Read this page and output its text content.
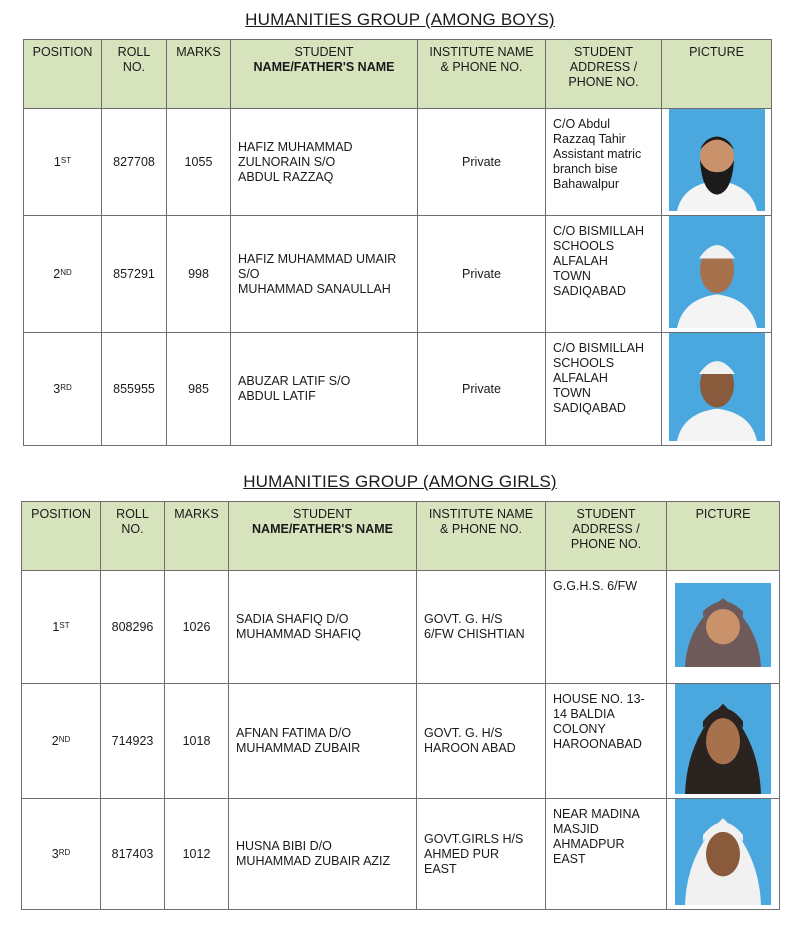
HUMANITIES GROUP (AMONG BOYS)
POSITION	ROLL
NO.	MARKS	STUDENT
NAME/FATHER'S NAME	INSTITUTE NAME
& PHONE NO.	STUDENT
ADDRESS /
PHONE NO.	PICTURE
1ST	827708	1055	HAFIZ MUHAMMAD
ZULNORAIN S/O
ABDUL RAZZAQ	Private	C/O Abdul
Razzaq Tahir
Assistant matric
branch bise
Bahawalpur	

2ND	857291	998	HAFIZ MUHAMMAD UMAIR
S/O
MUHAMMAD SANAULLAH	Private	C/O BISMILLAH
SCHOOLS
ALFALAH
TOWN
SADIQABAD	

3RD	855955	985	ABUZAR LATIF S/O
ABDUL LATIF	Private	C/O BISMILLAH
SCHOOLS
ALFALAH
TOWN
SADIQABAD	
HUMANITIES GROUP (AMONG GIRLS)
POSITION	ROLL
NO.	MARKS	STUDENT
NAME/FATHER'S NAME	INSTITUTE NAME
& PHONE NO.	STUDENT
ADDRESS /
PHONE NO.	PICTURE
1ST	808296	1026	SADIA SHAFIQ D/O
MUHAMMAD SHAFIQ	GOVT. G. H/S
6/FW CHISHTIAN	G.G.H.S. 6/FW	

2ND	714923	1018	AFNAN FATIMA D/O
MUHAMMAD ZUBAIR	GOVT. G. H/S
HAROON ABAD	HOUSE NO. 13-
14 BALDIA
COLONY
HAROONABAD	

3RD	817403	1012	HUSNA BIBI D/O
MUHAMMAD ZUBAIR AZIZ	GOVT.GIRLS H/S
AHMED PUR
EAST	NEAR MADINA
MASJID
AHMADPUR
EAST	
